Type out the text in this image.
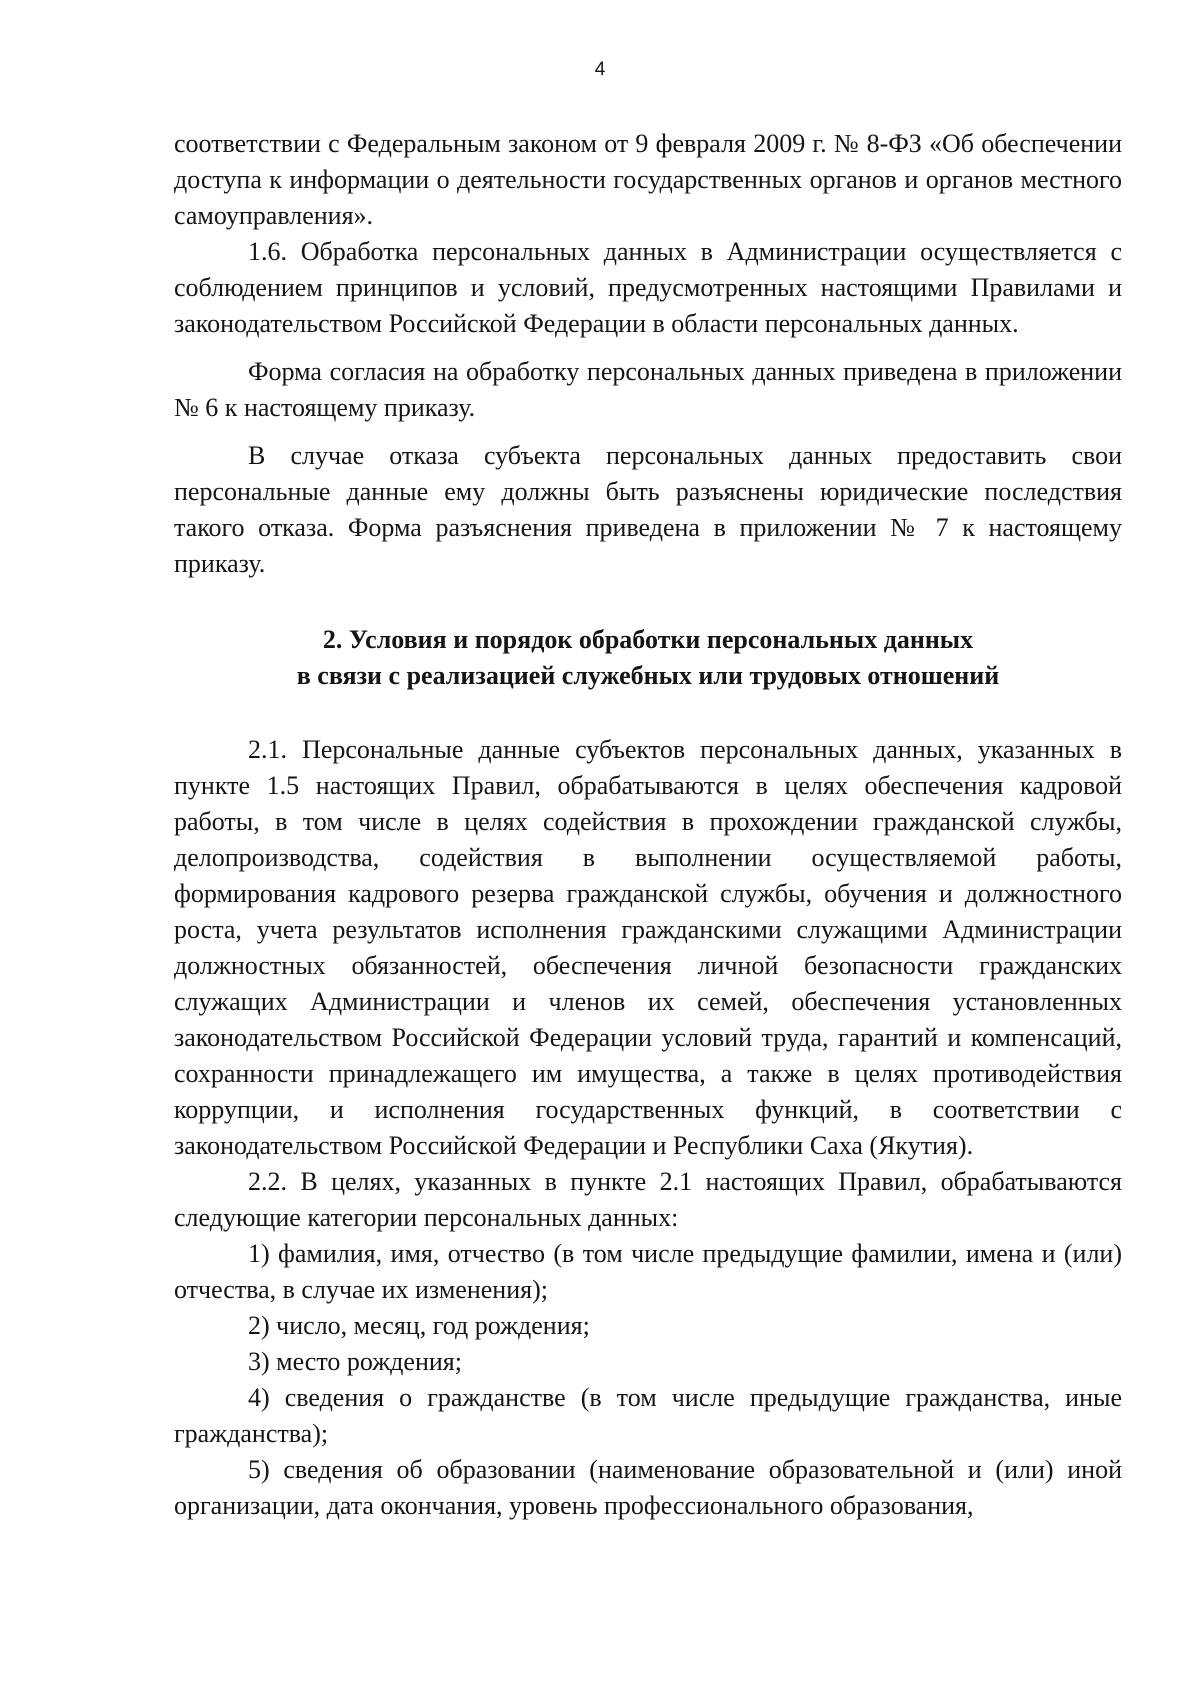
4

соответствии с Федеральным законом от 9 февраля 2009 г. № 8-ФЗ «Об обеспечении доступа к информации о деятельности государственных органов и органов местного самоуправления».

1.6. Обработка персональных данных в Администрации осуществляется с соблюдением принципов и условий, предусмотренных настоящими Правилами и законодательством Российской Федерации в области персональных данных.

Форма согласия на обработку персональных данных приведена в приложении № 6 к настоящему приказу.

В случае отказа субъекта персональных данных предоставить свои персональные данные ему должны быть разъяснены юридические последствия такого отказа. Форма разъяснения приведена в приложении № 7 к настоящему приказу.

2. Условия и порядок обработки персональных данных
в связи с реализацией служебных или трудовых отношений

2.1. Персональные данные субъектов персональных данных, указанных в пункте 1.5 настоящих Правил, обрабатываются в целях обеспечения кадровой работы, в том числе в целях содействия в прохождении гражданской службы, делопроизводства, содействия в выполнении осуществляемой работы, формирования кадрового резерва гражданской службы, обучения и должностного роста, учета результатов исполнения гражданскими служащими Администрации должностных обязанностей, обеспечения личной безопасности гражданских служащих Администрации и членов их семей, обеспечения установленных законодательством Российской Федерации условий труда, гарантий и компенсаций, сохранности принадлежащего им имущества, а также в целях противодействия коррупции, и исполнения государственных функций, в соответствии с законодательством Российской Федерации и Республики Саха (Якутия).

2.2. В целях, указанных в пункте 2.1 настоящих Правил, обрабатываются следующие категории персональных данных:

1) фамилия, имя, отчество (в том числе предыдущие фамилии, имена и (или) отчества, в случае их изменения);

2) число, месяц, год рождения;

3) место рождения;

4) сведения о гражданстве (в том числе предыдущие гражданства, иные гражданства);

5) сведения об образовании (наименование образовательной и (или) иной организации, дата окончания, уровень профессионального образования,
